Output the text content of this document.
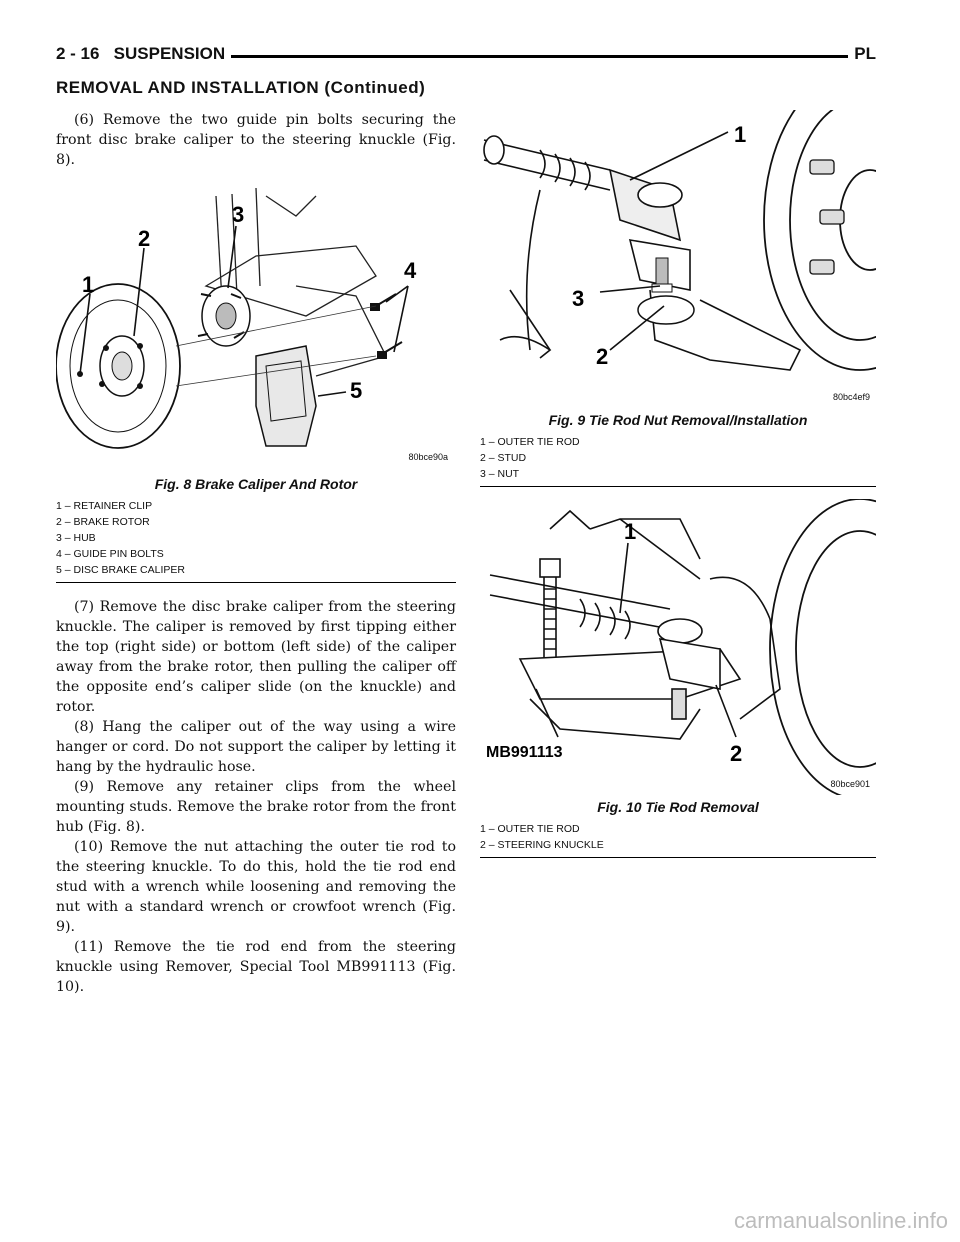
2 - 16 SUSPENSION	PL
REMOVAL AND INSTALLATION (Continued)

(6) Remove the two guide pin bolts securing the front disc brake caliper to the steering knuckle (Fig. 8).

1
2
3
4
5
80bce90a
Fig. 8 Brake Caliper And Rotor
1 – RETAINER CLIP
2 – BRAKE ROTOR
3 – HUB
4 – GUIDE PIN BOLTS
5 – DISC BRAKE CALIPER

(7) Remove the disc brake caliper from the steering knuckle. The caliper is removed by first tipping either the top (right side) or bottom (left side) of the caliper away from the brake rotor, then pulling the caliper off the opposite end’s caliper slide (on the knuckle) and rotor.

(8) Hang the caliper out of the way using a wire hanger or cord. Do not support the caliper by letting it hang by the hydraulic hose.

(9) Remove any retainer clips from the wheel mounting studs. Remove the brake rotor from the front hub (Fig. 8).

(10) Remove the nut attaching the outer tie rod to the steering knuckle. To do this, hold the tie rod end stud with a wrench while loosening and removing the nut with a standard wrench or crowfoot wrench (Fig. 9).

(11) Remove the tie rod end from the steering knuckle using Remover, Special Tool MB991113 (Fig. 10).

1
3
2
80bc4ef9
Fig. 9 Tie Rod Nut Removal/Installation
1 – OUTER TIE ROD
2 – STUD
3 – NUT
1
2
MB991113
80bce901
Fig. 10 Tie Rod Removal
1 – OUTER TIE ROD
2 – STEERING KNUCKLE
carmanualsonline.info
